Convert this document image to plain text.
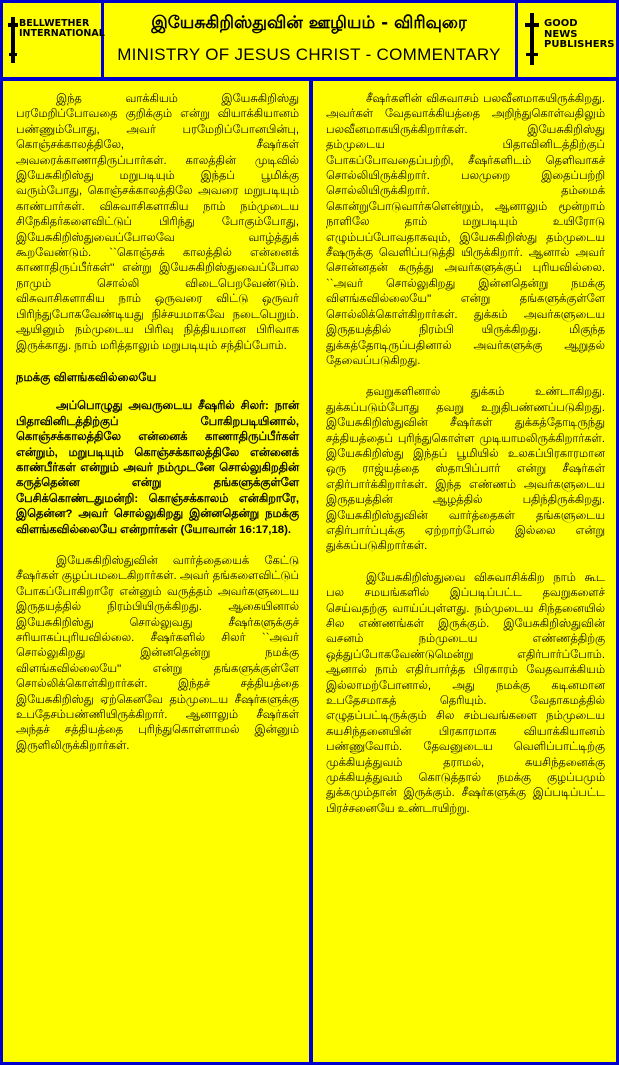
BELLWETHER INTERNATIONAL
இயேசுகிறிஸ்துவின் ஊழியம் - விரிவுரை
MINISTRY OF JESUS CHRIST - COMMENTARY
GOOD NEWS PUBLISHERS

இந்த வாக்கியம் இயேசுகிறிஸ்து பரமேறிப்போவதை குறிக்கும் என்று வியாக்கியானம் பண்ணும்போது, அவர் பரமேறிப்போனபின்பு, கொஞ்சக்காலத்திலே, சீஷர்கள் அவரைக்காணாதிருப்பார்கள். காலத்தின் முடிவில் இயேசுகிறிஸ்து மறுபடியும் இந்தப் பூமிக்கு வரும்போது, கொஞ்சக்காலத்திலே அவரை மறுபடியும் காண்பார்கள். விசுவாசிகளாகிய நாம் நம்முடைய சிநேகிதர்களைவிட்டுப் பிரிந்து போகும்போது, இயேசுகிறிஸ்துவைப்போலவே வாழ்த்துக் கூறவேண்டும். ``கொஞ்சக் காலத்தில் என்னைக் காணாதிருப்பீர்கள்'' என்று இயேசுகிறிஸ்துவைப்போல நாமும் சொல்லி விடைபெறவேண்டும். விசுவாசிகளாகிய நாம் ஒருவரை விட்டு ஒருவர் பிரிந்துபோகவேண்டியது நிச்சயமாகவே நடைபெறும். ஆயினும் நம்முடைய பிரிவு நித்தியமான பிரிவாக இருக்காது. நாம் மரித்தாலும் மறுபடியும் சந்திப்போம்.

நமக்கு விளங்கவில்லையே

அப்பொழுது அவருடைய சீஷரில் சிலர்: நான் பிதாவினிடத்திற்குப் போகிறபடியினால், கொஞ்சக்காலத்திலே என்னைக் காணாதிருப்பீர்கள் என்றும், மறுபடியும் கொஞ்சக்காலத்திலே என்னைக் காண்பீர்கள் என்றும் அவர் நம்முடனே சொல்லுகிறதின் கருத்தென்ன என்று தங்களுக்குள்ளே பேசிக்கொண்டதுமன்றி: கொஞ்சக்காலம் என்கிறாரே, இதென்ன? அவர் சொல்லுகிறது இன்னதென்று நமக்கு விளங்கவில்லையே என்றார்கள் (யோவான் 16:17,18).

இயேசுகிறிஸ்துவின் வார்த்தையைக் கேட்டு சீஷர்கள் குழப்பமடைகிறார்கள். அவர் தங்களைவிட்டுப் போகப்போகிறாரே என்னும் வருத்தம் அவர்களுடைய இருதயத்தில் நிரம்பியிருக்கிறது. ஆகையினால் இயேசுகிறிஸ்து சொல்லுவது சீஷர்களுக்குச் சரியாகப்புரியவில்லை. சீஷர்களில் சிலர் ``அவர் சொல்லுகிறது இன்னதென்று நமக்கு விளங்கவில்லையே'' என்று தங்களுக்குள்ளே சொல்லிக்கொள்கிறார்கள். இந்தச் சத்தியத்தை இயேசுகிறிஸ்து ஏற்கெனவே தம்முடைய சீஷர்களுக்கு உபதேசம்பண்ணியிருக்கிறார். ஆனாலும் சீஷர்கள் அந்தச் சத்தியத்தை புரிந்துகொள்ளாமல் இன்னும் இருளிலிருக்கிறார்கள்.

சீஷர்களின் விசுவாசம் பலவீனமாகயிருக்கிறது. அவர்கள் வேதவாக்கியத்தை அறிந்துகொள்வதிலும் பலவீனமாகயிருக்கிறார்கள். இயேசுகிறிஸ்து தம்முடைய பிதாவினிடத்திற்குப் போகப்போவதைப்பற்றி, சீஷர்களிடம் தெளிவாகச் சொல்லியிருக்கிறார். பலமுறை இதைப்பற்றி சொல்லியிருக்கிறார். தம்மைக் கொன்றுபோடுவார்களென்றும், ஆனாலும் மூன்றாம் நாளிலே தாம் மறுபடியும் உயிரோடு எழும்பப்போவதாகவும், இயேசுகிறிஸ்து தம்முடைய சீஷருக்கு வெளிப்படுத்தி யிருக்கிறார். ஆனால் அவர் சொன்னதன் கருத்து அவர்களுக்குப் புரியவில்லை. ``அவர் சொல்லுகிறது இன்னதென்று நமக்கு விளங்கவில்லையே'' என்று தங்களுக்குள்ளே சொல்லிக்கொள்கிறார்கள். துக்கம் அவர்களுடைய இருதயத்தில் நிரம்பி யிருக்கிறது. மிகுந்த துக்கத்தோடிருப்பதினால் அவர்களுக்கு ஆறுதல் தேவைப்படுகிறது.

தவறுகளினால் துக்கம் உண்டாகிறது. துக்கப்படும்போது தவறு உறுதிபண்ணப்படுகிறது. இயேசுகிறிஸ்துவின் சீஷர்கள் துக்கத்தோடிருந்து சத்தியத்தைப் புரிந்துகொள்ள முடியாமலிருக்கிறார்கள். இயேசுகிறிஸ்து இந்தப் பூமியில் உலகப்பிரகாரமான ஒரு ராஜ்யத்தை ஸ்தாபிப்பார் என்று சீஷர்கள் எதிர்பார்க்கிறார்கள். இந்த எண்ணம் அவர்களுடைய இருதயத்தின் ஆழத்தில் பதிந்திருக்கிறது. இயேசுகிறிஸ்துவின் வார்த்தைகள் தங்களுடைய எதிர்பார்ப்புக்கு ஏற்றாற்போல் இல்லை என்று துக்கப்படுகிறார்கள்.

இயேசுகிறிஸ்துவை விசுவாசிக்கிற நாம் கூட பல சமயங்களில் இப்படிப்பட்ட தவறுகளைச் செய்வதற்கு வாய்ப்புள்ளது. நம்முடைய சிந்தனையில் சில எண்ணங்கள் இருக்கும். இயேசுகிறிஸ்துவின் வசனம் நம்முடைய எண்ணத்திற்கு ஒத்துப்போகவேண்டுமென்று எதிர்பார்ப்போம். ஆனால் நாம் எதிர்பார்த்த பிரகாரம் வேதவாக்கியம் இல்லாமற்போனால், அது நமக்கு கடினமான உபதேசமாகத் தெரியும். வேதாகமத்தில் எழுதப்பட்டிருக்கும் சில சம்பவங்களை நம்முடைய சுயசிந்தனையின் பிரகாரமாக வியாக்கியானம் பண்ணுவோம். தேவனுடைய வெளிப்பாட்டிற்கு முக்கியத்துவம் தராமல், சுயசிந்தனைக்கு முக்கியத்துவம் கொடுத்தால் நமக்கு குழப்பமும் துக்கமும்தான் இருக்கும். சீஷர்களுக்கு இப்படிப்பட்ட பிரச்சனையே உண்டாயிற்று.
